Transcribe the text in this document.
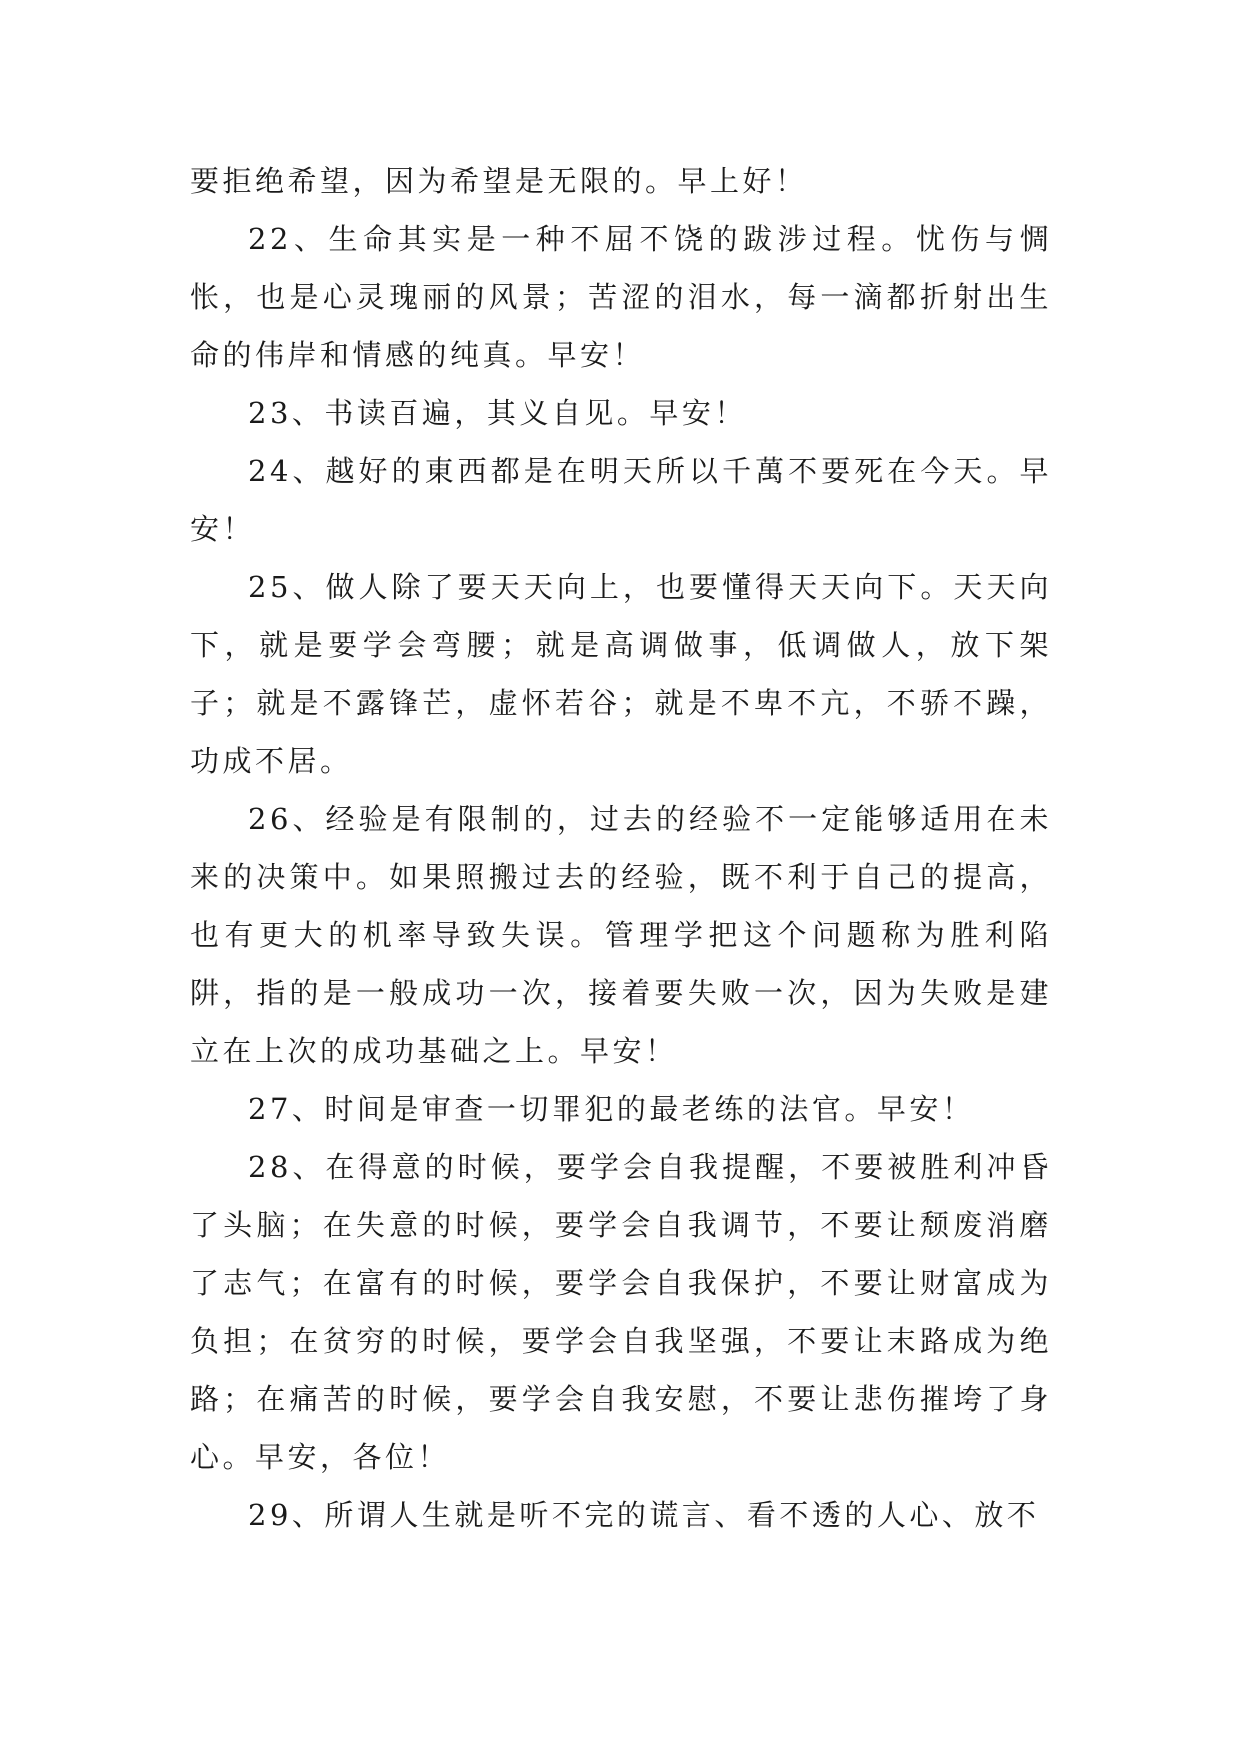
要拒绝希望，因为希望是无限的。早上好！

22、生命其实是一种不屈不饶的跋涉过程。忧伤与惆怅，也是心灵瑰丽的风景；苦涩的泪水，每一滴都折射出生命的伟岸和情感的纯真。早安！

23、书读百遍，其义自见。早安！

24、越好的東西都是在明天所以千萬不要死在今天。早安！

25、做人除了要天天向上，也要懂得天天向下。天天向下，就是要学会弯腰；就是高调做事，低调做人，放下架子；就是不露锋芒，虚怀若谷；就是不卑不亢，不骄不躁，功成不居。

26、经验是有限制的，过去的经验不一定能够适用在未来的决策中。如果照搬过去的经验，既不利于自己的提高，也有更大的机率导致失误。管理学把这个问题称为胜利陷阱，指的是一般成功一次，接着要失败一次，因为失败是建立在上次的成功基础之上。早安！

27、时间是审查一切罪犯的最老练的法官。早安！

28、在得意的时候，要学会自我提醒，不要被胜利冲昏了头脑；在失意的时候，要学会自我调节，不要让颓废消磨了志气；在富有的时候，要学会自我保护，不要让财富成为负担；在贫穷的时候，要学会自我坚强，不要让末路成为绝路；在痛苦的时候，要学会自我安慰，不要让悲伤摧垮了身心。早安，各位！

29、所谓人生就是听不完的谎言、看不透的人心、放不
